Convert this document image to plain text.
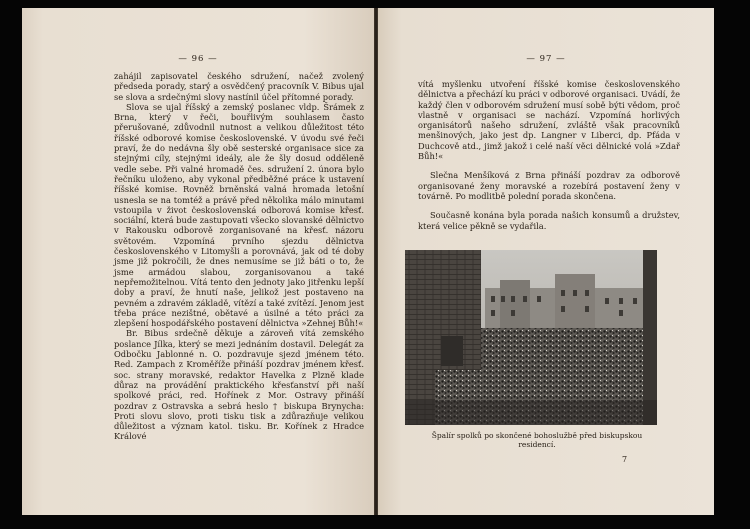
— 96 —

zahájil zapisovatel českého sdružení, načež zvolený předseda porady, starý a osvědčený pracovník V. Bibus ujal se slova a srdečnými slovy nastínil účel přítomné porady.

Slova se ujal říšský a zemský poslanec vldp. Šrámek z Brna, který v řeči, bouřlivým souhlasem často přerušované, zdůvodnil nutnost a velikou důležitost této říšské odborové komise československé. V úvodu své řeči praví, že do nedávna šly obě sesterské organisace sice za stejnými cíly, stejnými ideály, ale že šly dosud odděleně vedle sebe. Při valné hromadě čes. sdružení 2. února bylo řečníku uloženo, aby vykonal předběžné práce k ustavení říšské komise. Rovněž brněnská valná hromada letošní usnesla se na tomtéž a právě před několika málo minutami vstoupila v život československá odborová komise křesť. sociální, která bude zastupovati všecko slovanské dělnictvo v Rakousku odborově zorganisované na křesť. názoru světovém. Vzpomíná prvního sjezdu dělnictva československého v Litomyšli a porovnává, jak od té doby jsme již pokročili, že dnes nemusíme se již báti o to, že jsme armádou slabou, zorganisovanou a také nepřemožitelnou. Vítá tento den jednoty jako jitřenku lepší doby a praví, že hnutí naše, jelikož jest postaveno na pevném a zdravém základě, vítězí a také zvítězí. Jenom jest třeba práce nezištné, obětavé a úsilné a této práci za zlepšení hospodářského postavení dělnictva »Zehnej Bůh!«

Br. Bibus srdečně děkuje a zároveň vítá zemského poslance Jílka, který se mezi jednáním dostavil. Delegát za Odbočku Jablonné n. O. pozdravuje sjezd jménem této. Red. Zampach z Kroměříže přináší pozdrav jménem křesť. soc. strany moravské, redaktor Havelka z Plzně klade důraz na provádění praktického křesťanství při naší spolkové práci, red. Hořínek z Mor. Ostravy přináší pozdrav z Ostravska a sebrá heslo † biskupa Brynycha: Proti slovu slovo, proti tisku tisk a zdůrazňuje velikou důležitost a význam katol. tisku. Br. Kořínek z Hradce Králové

— 97 —

vítá myšlenku utvoření říšské komise československého dělnictva a přechází ku práci v odborové organisaci. Uvádí, že každý člen v odborovém sdružení musí sobě býti vědom, proč vlastně v organisaci se nachází. Vzpomíná horlivých organisátorů našeho sdružení, zvláště však pracovníků menšinových, jako jest dp. Langner v Liberci, dp. Pfáda v Duchcově atd., jimž jakož i celé naší věci dělnické volá »Zdař Bůh!«

Slečna Menšíková z Brna přináší pozdrav za odborově organisované ženy moravské a rozebírá postavení ženy v továrně. Po modlitbě polední porada skončena.

Současně konána byla porada našich konsumů a družstev, která velice pěkně se vydařila.

Špalír spolků po skončené bohoslužbě před biskupskou residencí.
7
